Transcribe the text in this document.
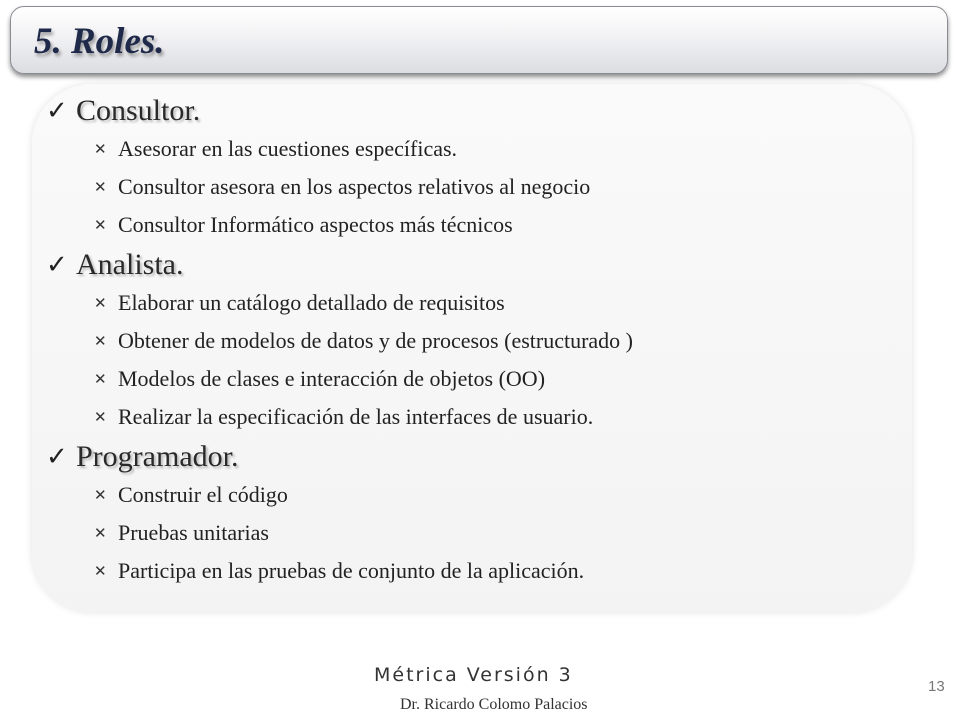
5. Roles.
✓ Consultor.
✕ Asesorar en las cuestiones específicas.
✕ Consultor asesora en los aspectos relativos al negocio
✕ Consultor Informático aspectos más técnicos
✓ Analista.
✕ Elaborar un catálogo detallado de requisitos
✕ Obtener de modelos de datos y de procesos (estructurado )
✕ Modelos de clases e interacción de objetos (OO)
✕ Realizar la especificación de las interfaces de usuario.
✓ Programador.
✕ Construir el código
✕ Pruebas unitarias
✕ Participa en las pruebas de conjunto de la aplicación.

Métrica Versión 3

Dr. Ricardo Colomo Palacios
13
